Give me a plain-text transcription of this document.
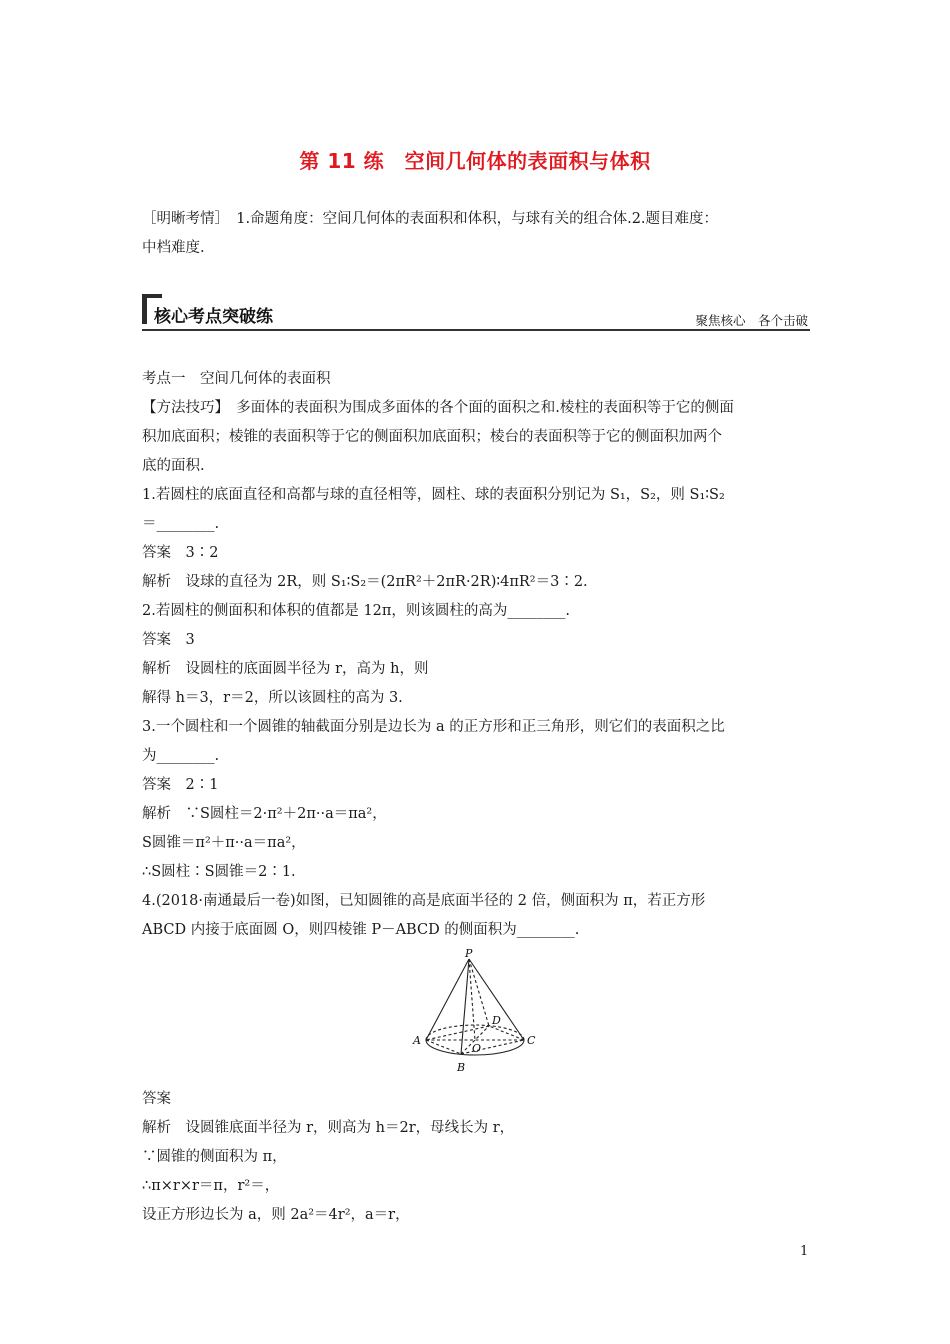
第 11 练　空间几何体的表面积与体积
［明晰考情］　1.命题角度：空间几何体的表面积和体积，与球有关的组合体.2.题目难度：
中档难度.
核心考点突破练	聚焦核心　各个击破
考点一　空间几何体的表面积
【方法技巧】　多面体的表面积为围成多面体的各个面的面积之和.棱柱的表面积等于它的侧面
积加底面积；棱锥的表面积等于它的侧面积加底面积；棱台的表面积等于它的侧面积加两个
底的面积.
1.若圆柱的底面直径和高都与球的直径相等，圆柱、球的表面积分别记为 S₁，S₂，则 S₁∶S₂
＝________.
答案　3∶2
解析　设球的直径为 2R，则 S₁∶S₂＝(2πR²＋2πR·2R)∶4πR²＝3∶2.
2.若圆柱的侧面积和体积的值都是 12π，则该圆柱的高为________.
答案　3
解析　设圆柱的底面圆半径为 r，高为 h，则
解得 h＝3，r＝2，所以该圆柱的高为 3.
3.一个圆柱和一个圆锥的轴截面分别是边长为 a 的正方形和正三角形，则它们的表面积之比
为________.
答案　2∶1
解析　∵S圆柱＝2·π²＋2π··a＝πa²，
S圆锥＝π²＋π··a＝πa²，
∴S圆柱∶S圆锥＝2∶1.
4.(2018·南通最后一卷)如图，已知圆锥的高是底面半径的 2 倍，侧面积为 π，若正方形
ABCD 内接于底面圆 O，则四棱锥 P－ABCD 的侧面积为________.
P
A
B
C
D
O
答案
解析　设圆锥底面半径为 r，则高为 h＝2r，母线长为 r，
∵圆锥的侧面积为 π，
∴π×r×r＝π，r²＝，
设正方形边长为 a，则 2a²＝4r²，a＝r，
1
